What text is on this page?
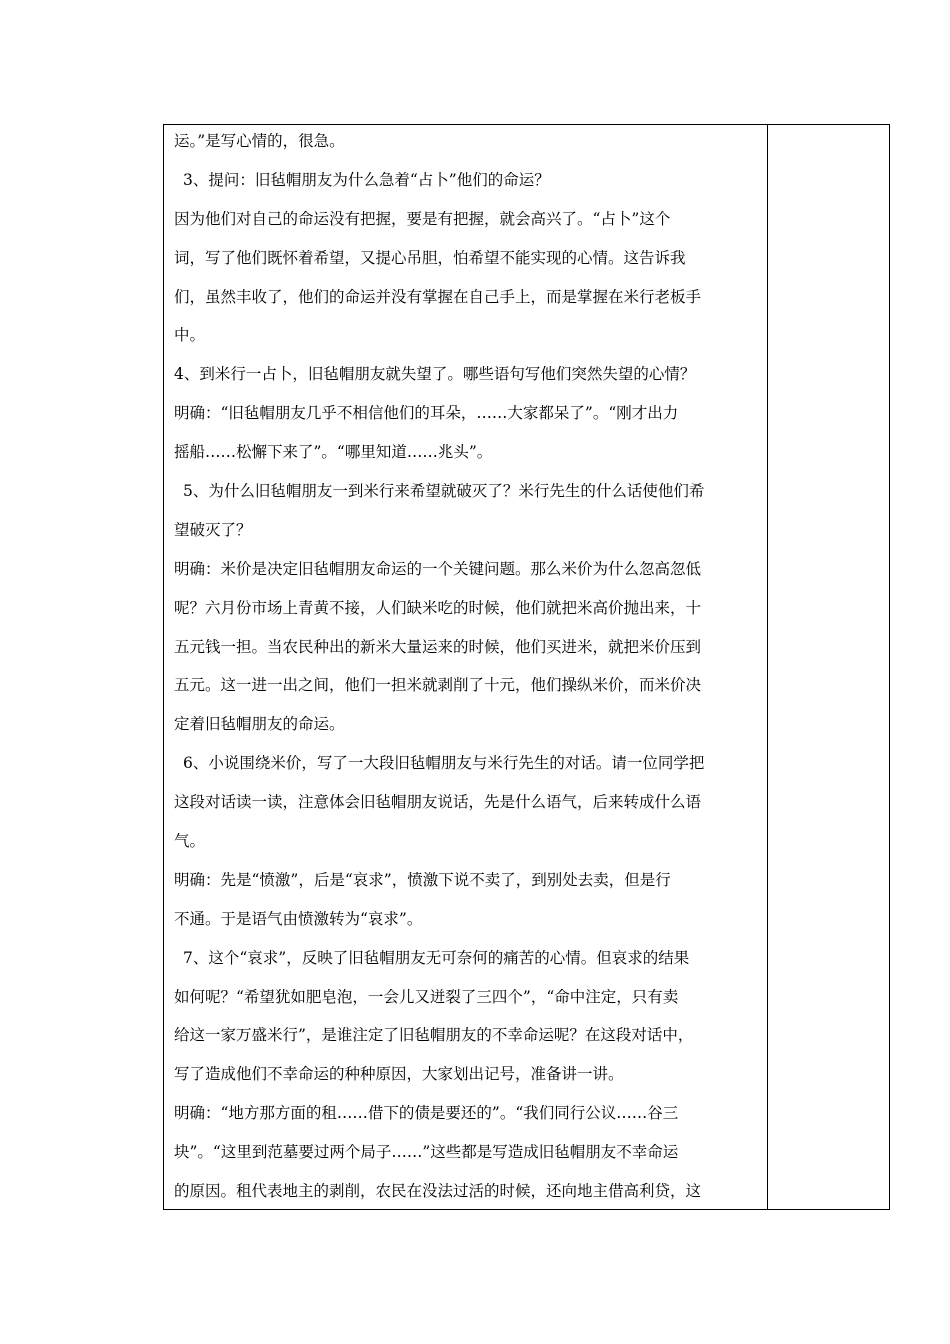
运。”是写心情的，很急。
3、提问：旧毡帽朋友为什么急着“占卜”他们的命运？
因为他们对自己的命运没有把握，要是有把握，就会高兴了。“占卜”这个
词，写了他们既怀着希望，又提心吊胆，怕希望不能实现的心情。这告诉我
们，虽然丰收了，他们的命运并没有掌握在自己手上，而是掌握在米行老板手
中。
4、到米行一占卜，旧毡帽朋友就失望了。哪些语句写他们突然失望的心情？
明确：“旧毡帽朋友几乎不相信他们的耳朵，……大家都呆了”。“刚才出力
摇船……松懈下来了”。“哪里知道……兆头”。
5、为什么旧毡帽朋友一到米行来希望就破灭了？米行先生的什么话使他们希
望破灭了？
明确：米价是决定旧毡帽朋友命运的一个关键问题。那么米价为什么忽高忽低
呢？六月份市场上青黄不接，人们缺米吃的时候，他们就把米高价抛出来，十
五元钱一担。当农民种出的新米大量运来的时候，他们买进米，就把米价压到
五元。这一进一出之间，他们一担米就剥削了十元，他们操纵米价，而米价决
定着旧毡帽朋友的命运。
6、小说围绕米价，写了一大段旧毡帽朋友与米行先生的对话。请一位同学把
这段对话读一读，注意体会旧毡帽朋友说话，先是什么语气，后来转成什么语
气。
明确：先是“愤激”，后是“哀求”，愤激下说不卖了，到别处去卖，但是行
不通。于是语气由愤激转为“哀求”。
7、这个“哀求”，反映了旧毡帽朋友无可奈何的痛苦的心情。但哀求的结果
如何呢？“希望犹如肥皂泡，一会儿又迸裂了三四个”，“命中注定，只有卖
给这一家万盛米行”，是谁注定了旧毡帽朋友的不幸命运呢？在这段对话中，
写了造成他们不幸命运的种种原因，大家划出记号，准备讲一讲。
明确：“地方那方面的租……借下的债是要还的”。“我们同行公议……谷三
块”。“这里到范墓要过两个局子……”这些都是写造成旧毡帽朋友不幸命运
的原因。租代表地主的剥削，农民在没法过活的时候，还向地主借高利贷，这
